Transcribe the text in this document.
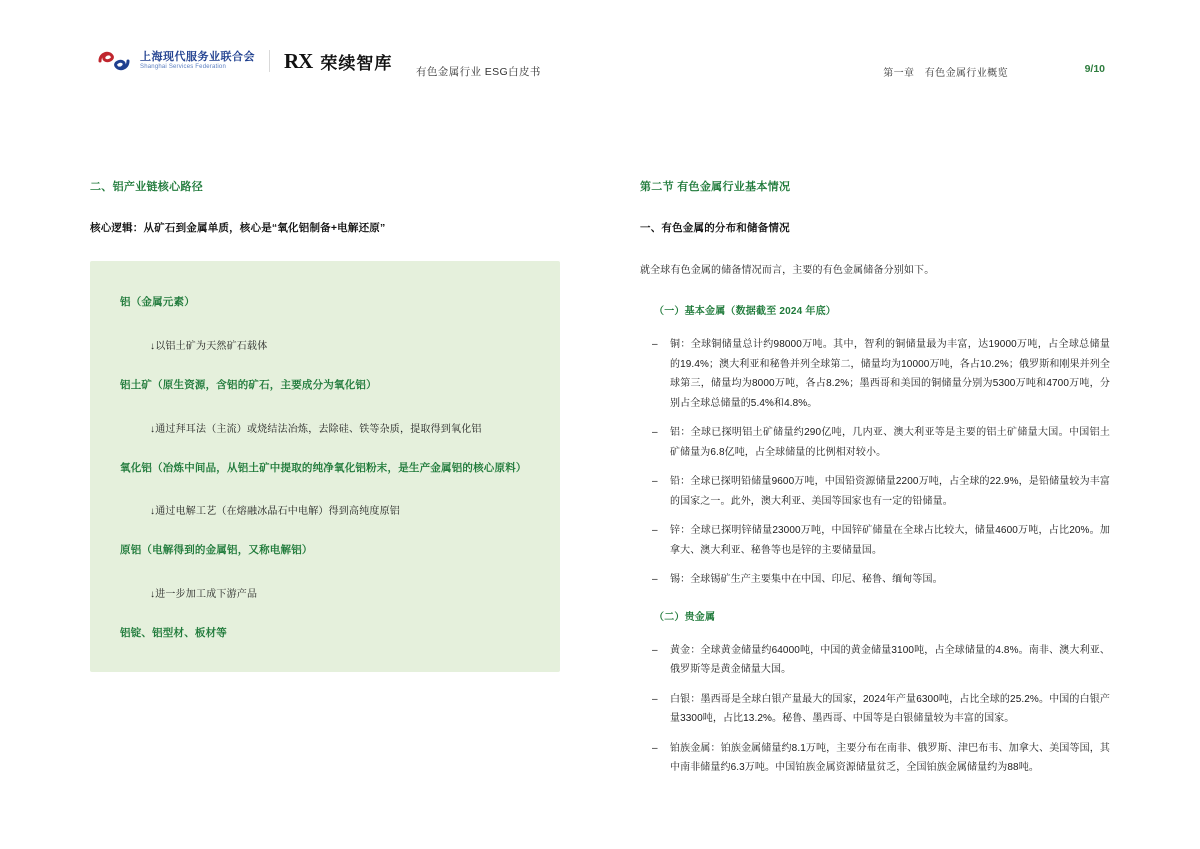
上海现代服务业联合会
Shanghai Services Federation	RX 荣续智库 有色金属行业 ESG白皮书	第一章　有色金属行业概览	9/10
二、铝产业链核心路径
核心逻辑：从矿石到金属单质，核心是“氧化铝制备+电解还原”
铝（金属元素）
↓以铝土矿为天然矿石载体
铝土矿（原生资源，含铝的矿石，主要成分为氧化铝）
↓通过拜耳法（主流）或烧结法冶炼，去除硅、铁等杂质，提取得到氧化铝
氧化铝（冶炼中间品，从铝土矿中提取的纯净氧化铝粉末，是生产金属铝的核心原料）
↓通过电解工艺（在熔融冰晶石中电解）得到高纯度原铝
原铝（电解得到的金属铝，又称电解铝）
↓进一步加工成下游产品
铝锭、铝型材、板材等
第二节 有色金属行业基本情况
一、有色金属的分布和储备情况

就全球有色金属的储备情况而言，主要的有色金属储备分别如下。

（一）基本金属（数据截至 2024 年底）
– 铜：全球铜储量总计约98000万吨。其中，智利的铜储量最为丰富，达19000万吨，占全球总储量的19.4%；澳大利亚和秘鲁并列全球第二，储量均为10000万吨，各占10.2%；俄罗斯和刚果并列全球第三，储量均为8000万吨，各占8.2%；墨西哥和美国的铜储量分别为5300万吨和4700万吨，分别占全球总储量的5.4%和4.8%。
– 铝：全球已探明铝土矿储量约290亿吨，几内亚、澳大利亚等是主要的铝土矿储量大国。中国铝土矿储量为6.8亿吨，占全球储量的比例相对较小。
– 铅：全球已探明铅储量9600万吨，中国铅资源储量2200万吨，占全球的22.9%，是铅储量较为丰富的国家之一。此外，澳大利亚、美国等国家也有一定的铅储量。
– 锌：全球已探明锌储量23000万吨，中国锌矿储量在全球占比较大，储量4600万吨，占比20%。加拿大、澳大利亚、秘鲁等也是锌的主要储量国。
– 锡：全球锡矿生产主要集中在中国、印尼、秘鲁、缅甸等国。
（二）贵金属
– 黄金：全球黄金储量约64000吨，中国的黄金储量3100吨，占全球储量的4.8%。南非、澳大利亚、俄罗斯等是黄金储量大国。
– 白银：墨西哥是全球白银产量最大的国家，2024年产量6300吨，占比全球的25.2%。中国的白银产量3300吨，占比13.2%。秘鲁、墨西哥、中国等是白银储量较为丰富的国家。
– 铂族金属：铂族金属储量约8.1万吨，主要分布在南非、俄罗斯、津巴布韦、加拿大、美国等国，其中南非储量约6.3万吨。中国铂族金属资源储量贫乏，全国铂族金属储量约为88吨。
